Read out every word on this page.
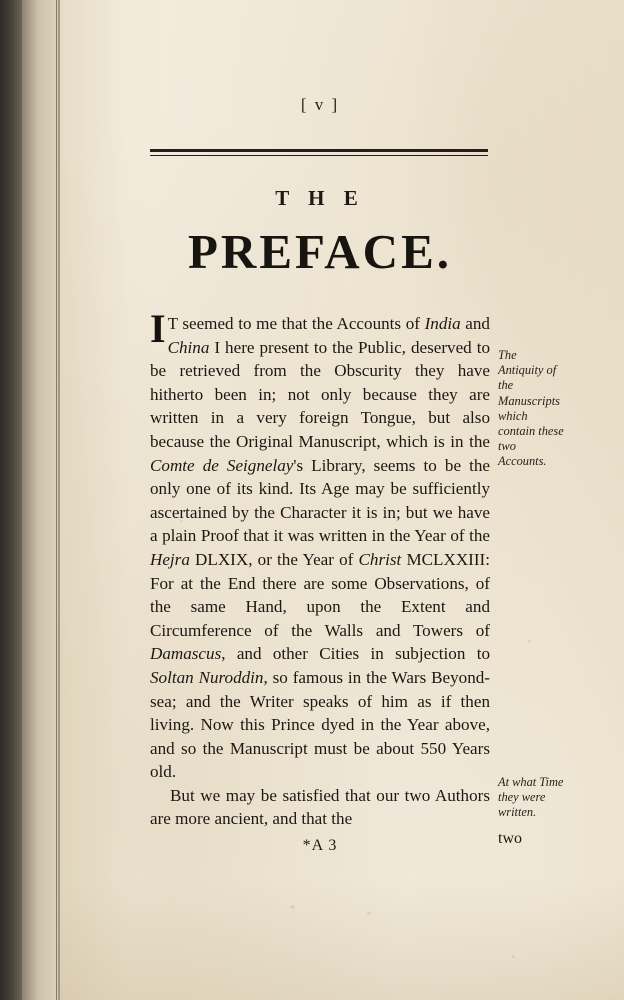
[ v ]
T H E
PREFACE.

I T seemed to me that the Accounts of India and China I here present to the Public, deserved to be retrieved from the Obscurity they have hitherto been in; not only because they are written in a very foreign Tongue, but also because the Original Manuscript, which is in the Comte de Seignelay's Library, seems to be the only one of its kind. Its Age may be sufficiently ascertained by the Character it is in; but we have a plain Proof that it was written in the Year of the Hejra DLXIX, or the Year of Christ MCLXXIII: For at the End there are some Observations, of the same Hand, upon the Extent and Circumference of the Walls and Towers of Damascus, and other Cities in subjection to Soltan Nuroddin, so famous in the Wars Beyond-sea; and the Writer speaks of him as if then living. Now this Prince dyed in the Year above, and so the Manuscript must be about 550 Years old.

But we may be satisfied that our two Authors are more ancient, and that the

*A 3
The Antiquity of the Manuscripts which contain these two Accounts.
At what Time they were written.
two
